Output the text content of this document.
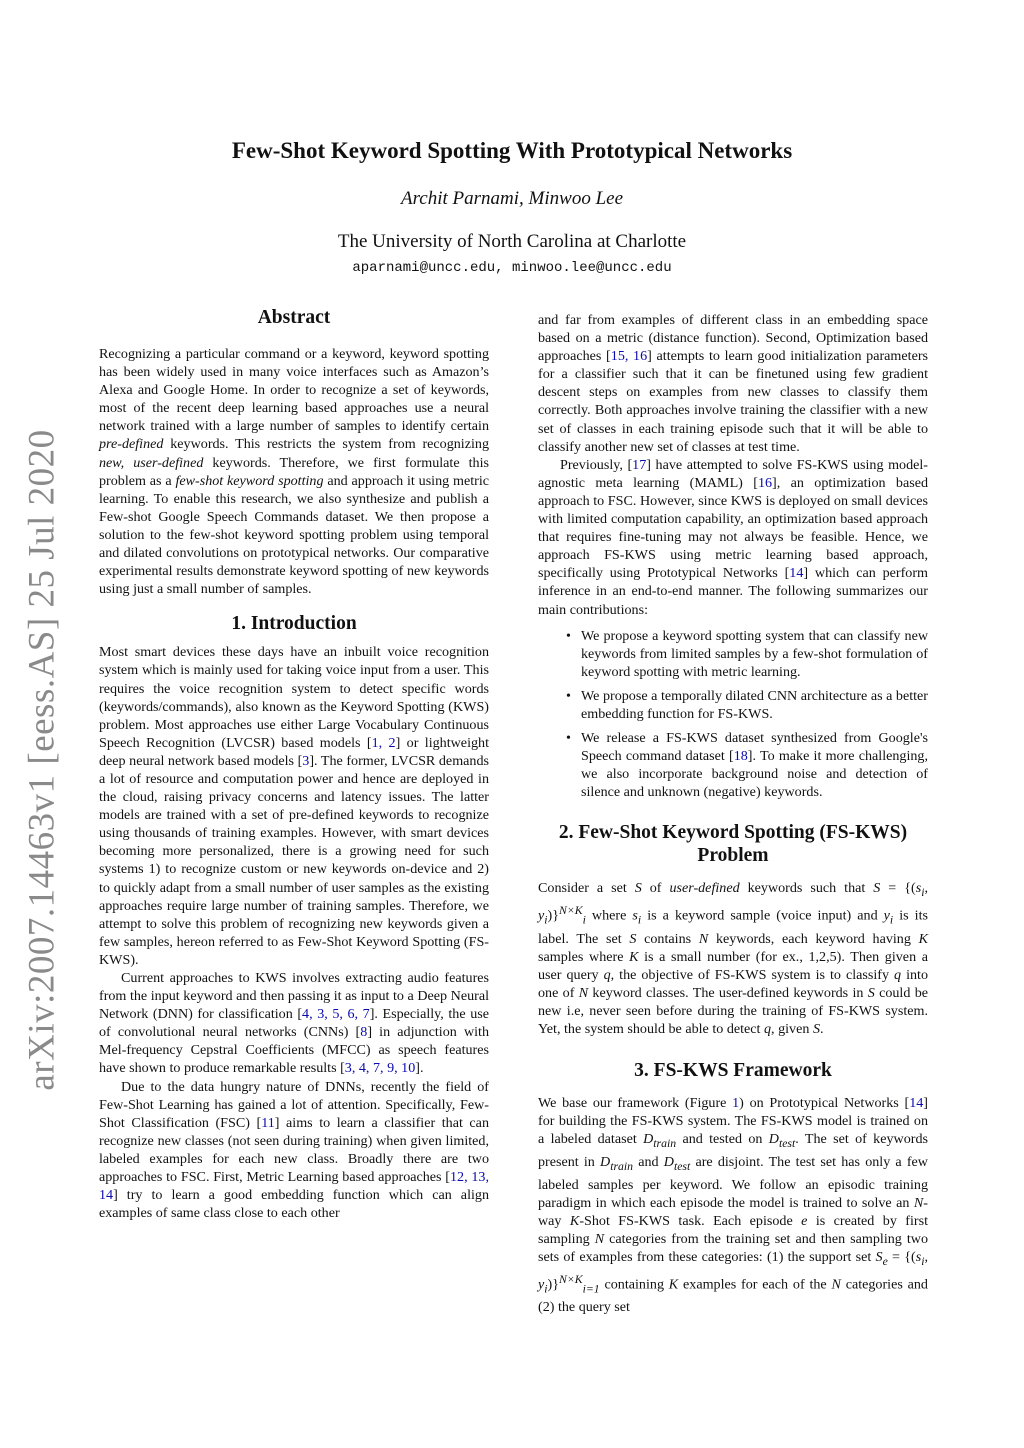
arXiv:2007.14463v1 [eess.AS] 25 Jul 2020
Few-Shot Keyword Spotting With Prototypical Networks
Archit Parnami, Minwoo Lee
The University of North Carolina at Charlotte
aparnami@uncc.edu, minwoo.lee@uncc.edu
Abstract

Recognizing a particular command or a keyword, keyword spotting has been widely used in many voice interfaces such as Amazon’s Alexa and Google Home. In order to recognize a set of keywords, most of the recent deep learning based approaches use a neural network trained with a large number of samples to identify certain pre-defined keywords. This restricts the system from recognizing new, user-defined keywords. Therefore, we first formulate this problem as a few-shot keyword spotting and approach it using metric learning. To enable this research, we also synthesize and publish a Few-shot Google Speech Commands dataset. We then propose a solution to the few-shot keyword spotting problem using temporal and dilated convolutions on prototypical networks. Our comparative experimental results demonstrate keyword spotting of new keywords using just a small number of samples.

1. Introduction

Most smart devices these days have an inbuilt voice recognition system which is mainly used for taking voice input from a user. This requires the voice recognition system to detect specific words (keywords/commands), also known as the Keyword Spotting (KWS) problem. Most approaches use either Large Vocabulary Continuous Speech Recognition (LVCSR) based models [1, 2] or lightweight deep neural network based models [3]. The former, LVCSR demands a lot of resource and computation power and hence are deployed in the cloud, raising privacy concerns and latency issues. The latter models are trained with a set of pre-defined keywords to recognize using thousands of training examples. However, with smart devices becoming more personalized, there is a growing need for such systems 1) to recognize custom or new keywords on-device and 2) to quickly adapt from a small number of user samples as the existing approaches require large number of training samples. Therefore, we attempt to solve this problem of recognizing new keywords given a few samples, hereon referred to as Few-Shot Keyword Spotting (FS-KWS).

Current approaches to KWS involves extracting audio features from the input keyword and then passing it as input to a Deep Neural Network (DNN) for classification [4, 3, 5, 6, 7]. Especially, the use of convolutional neural networks (CNNs) [8] in adjunction with Mel-frequency Cepstral Coefficients (MFCC) as speech features have shown to produce remarkable results [3, 4, 7, 9, 10].

Due to the data hungry nature of DNNs, recently the field of Few-Shot Learning has gained a lot of attention. Specifically, Few-Shot Classification (FSC) [11] aims to learn a classifier that can recognize new classes (not seen during training) when given limited, labeled examples for each new class. Broadly there are two approaches to FSC. First, Metric Learning based approaches [12, 13, 14] try to learn a good embedding function which can align examples of same class close to each other

and far from examples of different class in an embedding space based on a metric (distance function). Second, Optimization based approaches [15, 16] attempts to learn good initialization parameters for a classifier such that it can be finetuned using few gradient descent steps on examples from new classes to classify them correctly. Both approaches involve training the classifier with a new set of classes in each training episode such that it will be able to classify another new set of classes at test time.

Previously, [17] have attempted to solve FS-KWS using model-agnostic meta learning (MAML) [16], an optimization based approach to FSC. However, since KWS is deployed on small devices with limited computation capability, an optimization based approach that requires fine-tuning may not always be feasible. Hence, we approach FS-KWS using metric learning based approach, specifically using Prototypical Networks [14] which can perform inference in an end-to-end manner. The following summarizes our main contributions:

• We propose a keyword spotting system that can classify new keywords from limited samples by a few-shot formulation of keyword spotting with metric learning.
• We propose a temporally dilated CNN architecture as a better embedding function for FS-KWS.
• We release a FS-KWS dataset synthesized from Google's Speech command dataset [18]. To make it more challenging, we also incorporate background noise and detection of silence and unknown (negative) keywords.
2. Few-Shot Keyword Spotting (FS-KWS) Problem

Consider a set S of user-defined keywords such that $S = \{(s_i$, $y_i)\}^{N\times K}_i$ where $s_i$ is a keyword sample (voice input) and $y_i$ is its label. The set S contains N keywords, each keyword having K samples where K is a small number (for ex., 1,2,5). Then given a user query q, the objective of FS-KWS system is to classify q into one of N keyword classes. The user-defined keywords in S could be new i.e, never seen before during the training of FS-KWS system. Yet, the system should be able to detect q, given S.

3. FS-KWS Framework

We base our framework (Figure 1) on Prototypical Networks [14] for building the FS-KWS system. The FS-KWS model is trained on a labeled dataset $D_{train}$ and tested on $D_{test}$. The set of keywords present in $D_{train}$ and $D_{test}$ are disjoint. The test set has only a few labeled samples per keyword. We follow an episodic training paradigm in which each episode the model is trained to solve an N-way K-Shot FS-KWS task. Each episode e is created by first sampling N categories from the training set and then sampling two sets of examples from these categories: (1) the support set $S_e = \{(s_i$, $y_i)\}^{N\times K}_{i=1}$ containing K examples for each of the N categories and (2) the query set
